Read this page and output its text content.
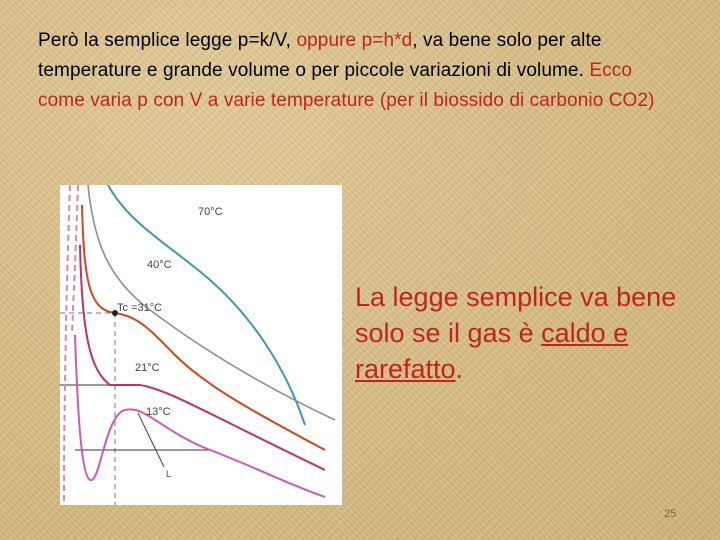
Però la semplice legge p=k/V, oppure p=h*d, va bene solo per alte temperature e grande volume o per piccole variazioni di volume. Ecco come varia p con V a varie temperature (per il biossido di carbonio CO2)
70°C
40°C
Tc =31°C
21°C
13°C
L
La legge semplice va bene solo se il gas è caldo e rarefatto.
25
